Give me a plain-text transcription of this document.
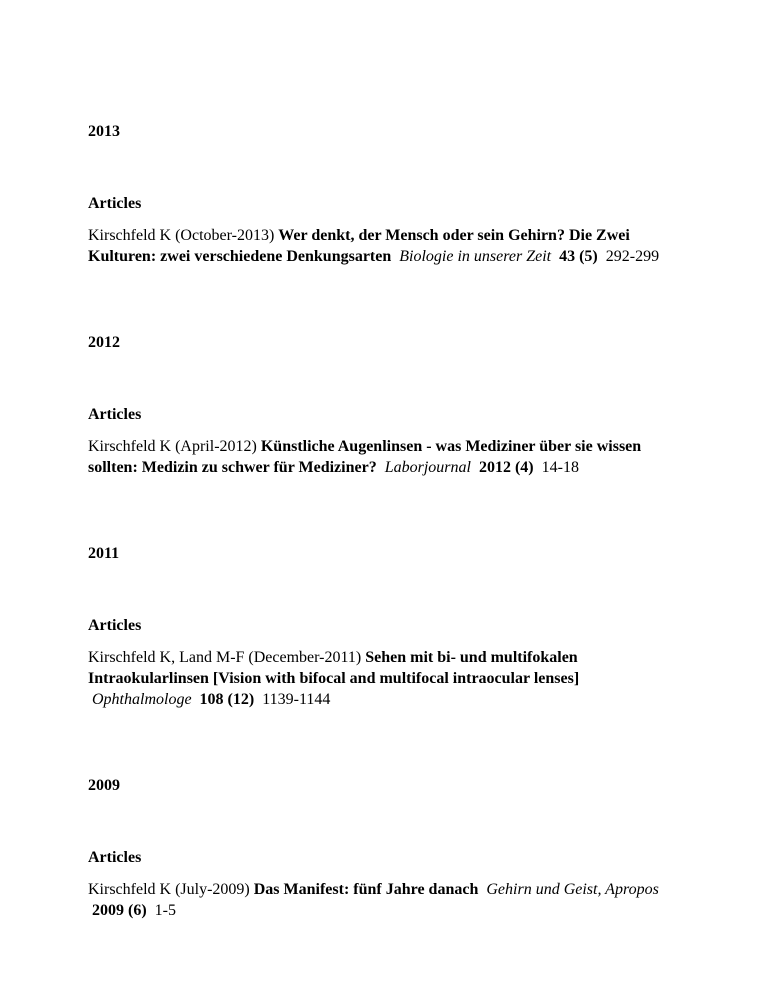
2013
Articles

Kirschfeld K (October-2013) Wer denkt, der Mensch oder sein Gehirn? Die Zwei Kulturen: zwei verschiedene Denkungsarten Biologie in unserer Zeit 43 (5) 292-299

2012
Articles

Kirschfeld K (April-2012) Künstliche Augenlinsen - was Mediziner über sie wissen sollten: Medizin zu schwer für Mediziner? Laborjournal 2012 (4) 14-18

2011
Articles

Kirschfeld K, Land M-F (December-2011) Sehen mit bi- und multifokalen Intraokularlinsen [Vision with bifocal and multifocal intraocular lenses] Ophthalmologe 108 (12) 1139-1144

2009
Articles

Kirschfeld K (July-2009) Das Manifest: fünf Jahre danach Gehirn und Geist, Apropos 2009 (6) 1-5
